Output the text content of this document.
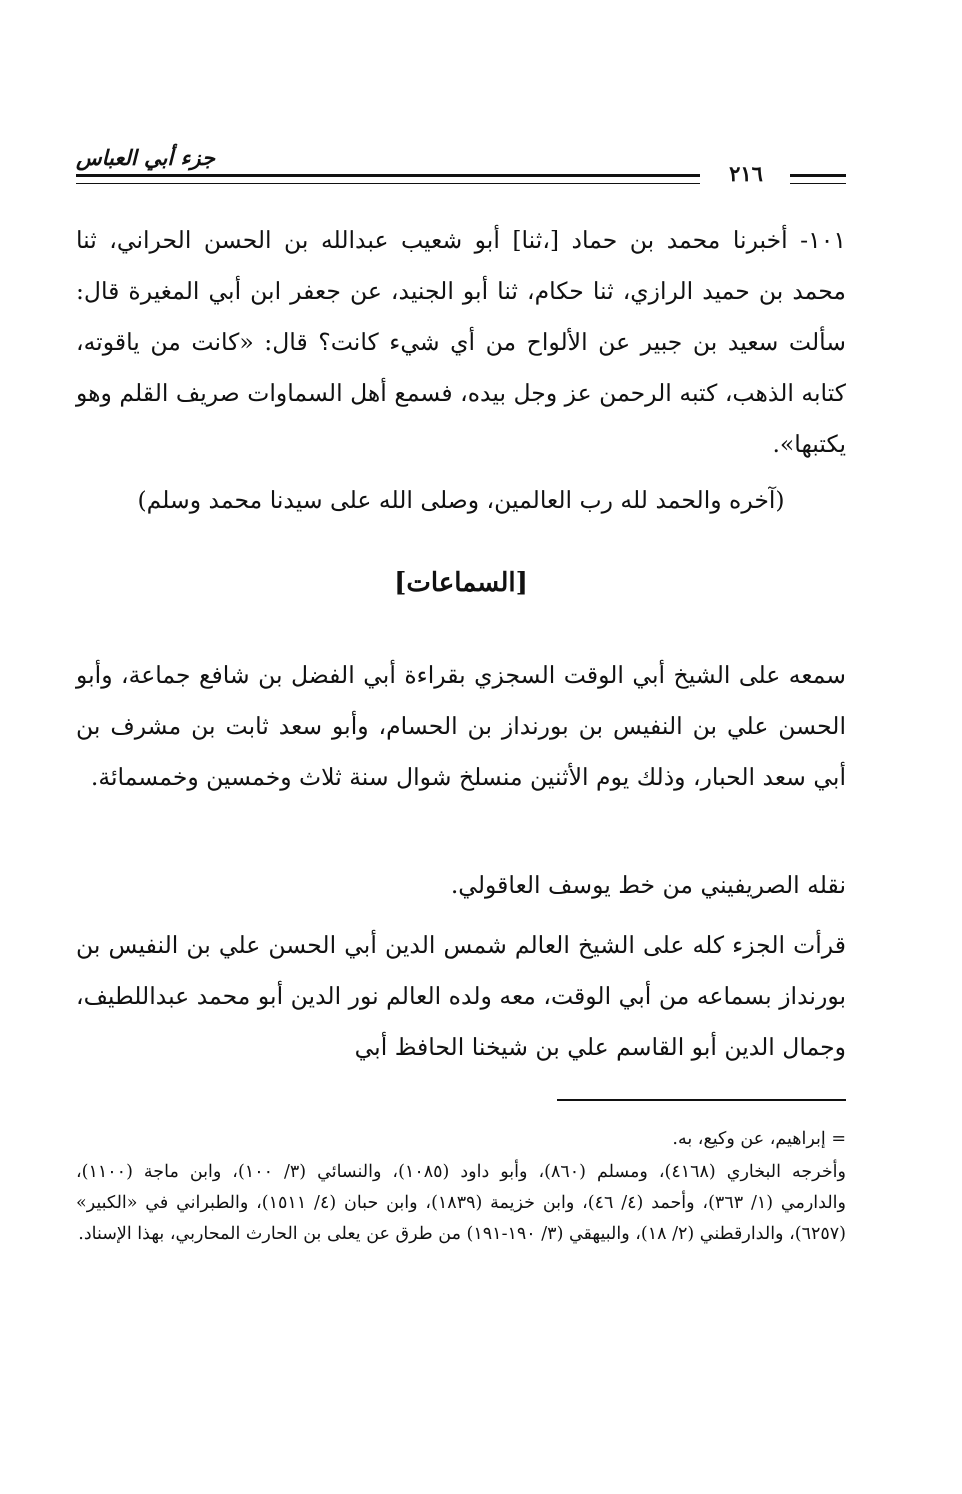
جزء أبي العباس
٢١٦

١٠١- أخبرنا محمد بن حماد [،ثنا] أبو شعيب عبدالله بن الحسن الحراني، ثنا محمد بن حميد الرازي، ثنا حكام، ثنا أبو الجنيد، عن جعفر ابن أبي المغيرة قال: سألت سعيد بن جبير عن الألواح من أي شيء كانت؟ قال: «كانت من ياقوته، كتابه الذهب، كتبه الرحمن عز وجل بيده، فسمع أهل السماوات صريف القلم وهو يكتبها».

(آخره والحمد لله رب العالمين، وصلى الله على سيدنا محمد وسلم)

[السماعات]

سمعه على الشيخ أبي الوقت السجزي بقراءة أبي الفضل بن شافع جماعة، وأبو الحسن علي بن النفيس بن بورنداز بن الحسام، وأبو سعد ثابت بن مشرف بن أبي سعد الحبار، وذلك يوم الأثنين منسلخ شوال سنة ثلاث وخمسين وخمسمائة.

نقله الصريفيني من خط يوسف العاقولي.

قرأت الجزء كله على الشيخ العالم شمس الدين أبي الحسن علي بن النفيس بن بورنداز بسماعه من أبي الوقت، معه ولده العالم نور الدين أبو محمد عبداللطيف، وجمال الدين أبو القاسم علي بن شيخنا الحافظ أبي

= إبراهيم، عن وكيع، به.

وأخرجه البخاري (٤١٦٨)، ومسلم (٨٦٠)، وأبو داود (١٠٨٥)، والنسائي (٣/ ١٠٠)، وابن ماجة (١١٠٠)، والدارمي (١/ ٣٦٣)، وأحمد (٤/ ٤٦)، وابن خزيمة (١٨٣٩)، وابن حبان (٤/ ١٥١١)، والطبراني في «الكبير» (٦٢٥٧)، والدارقطني (٢/ ١٨)، والبيهقي (٣/ ١٩٠-١٩١) من طرق عن يعلى بن الحارث المحاربي، بهذا الإسناد.
